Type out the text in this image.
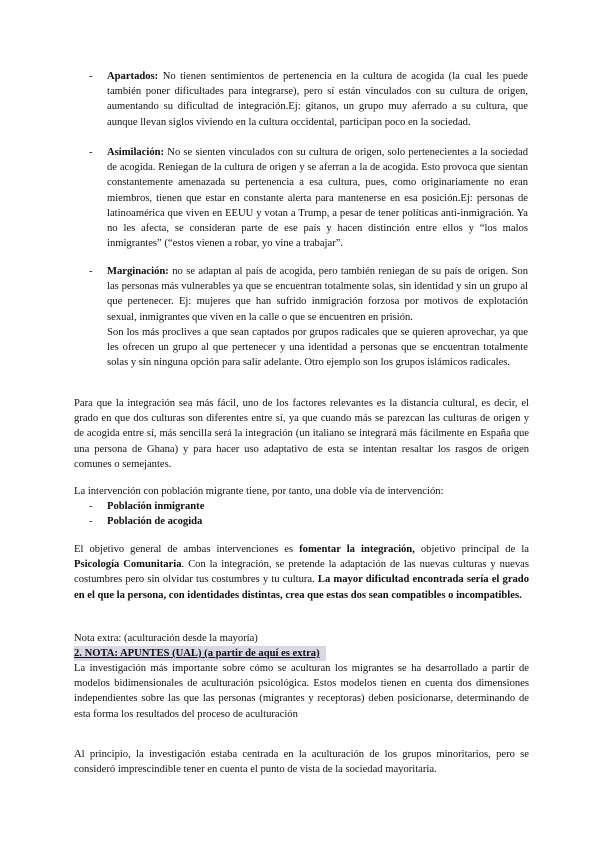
- Apartados: No tienen sentimientos de pertenencia en la cultura de acogida (la cual les puede también poner dificultades para integrarse), pero sí están vinculados con su cultura de origen, aumentando su dificultad de integración.Ej: gitanos, un grupo muy aferrado a su cultura, que aunque llevan siglos viviendo en la cultura occidental, participan poco en la sociedad.

- Asimilación: No se sienten vinculados con su cultura de origen, solo pertenecientes a la sociedad de acogida. Reniegan de la cultura de origen y se aferran a la de acogida. Esto provoca que sientan constantemente amenazada su pertenencia a esa cultura, pues, como originariamente no eran miembros, tienen que estar en constante alerta para mantenerse en esa posición.Ej: personas de latinoamérica que viven en EEUU y votan a Trump, a pesar de tener políticas anti-inmigración. Ya no les afecta, se consideran parte de ese país y hacen distinción entre ellos y “los malos inmigrantes” (“estos vienen a robar, yo vine a trabajar”.

- Marginación: no se adaptan al país de acogida, pero también reniegan de su país de origen. Son las personas más vulnerables ya que se encuentran totalmente solas, sin identidad y sin un grupo al que pertenecer. Ej: mujeres que han sufrido inmigración forzosa por motivos de explotación sexual, inmigrantes que viven en la calle o que se encuentren en prisión.

Son los más proclives a que sean captados por grupos radicales que se quieren aprovechar, ya que les ofrecen un grupo al que pertenecer y una identidad a personas que se encuentran totalmente solas y sin ninguna opción para salir adelante. Otro ejemplo son los grupos islámicos radicales.

Para que la integración sea más fácil, uno de los factores relevantes es la distancia cultural, es decir, el grado en que dos culturas son diferentes entre sí, ya que cuando más se parezcan las culturas de origen y de acogida entre sí, más sencilla será la integración (un italiano se integrará más fácilmente en España que una persona de Ghana) y para hacer uso adaptativo de esta se intentan resaltar los rasgos de origen comunes o semejantes.

La intervención con población migrante tiene, por tanto, una doble vía de intervención:

- Población inmigrante
- Población de acogida

El objetivo general de ambas intervenciones es fomentar la integración, objetivo principal de la Psicología Comunitaria. Con la integración, se pretende la adaptación de las nuevas culturas y nuevas costumbres pero sin olvidar tus costumbres y tu cultura. La mayor dificultad encontrada sería el grado en el que la persona, con identidades distintas, crea que estas dos sean compatibles o incompatibles.

Nota extra: (aculturación desde la mayoría)

2. NOTA: APUNTES (UAL) (a partir de aquí es extra)

La investigación más importante sobre cómo se aculturan los migrantes se ha desarrollado a partir de modelos bidimensionales de aculturación psicológica. Estos modelos tienen en cuenta dos dimensiones independientes sobre las que las personas (migrantes y receptoras) deben posicionarse, determinando de esta forma los resultados del proceso de aculturación

Al principio, la investigación estaba centrada en la aculturación de los grupos minoritarios, pero se consideró imprescindible tener en cuenta el punto de vista de la sociedad mayoritaria.
